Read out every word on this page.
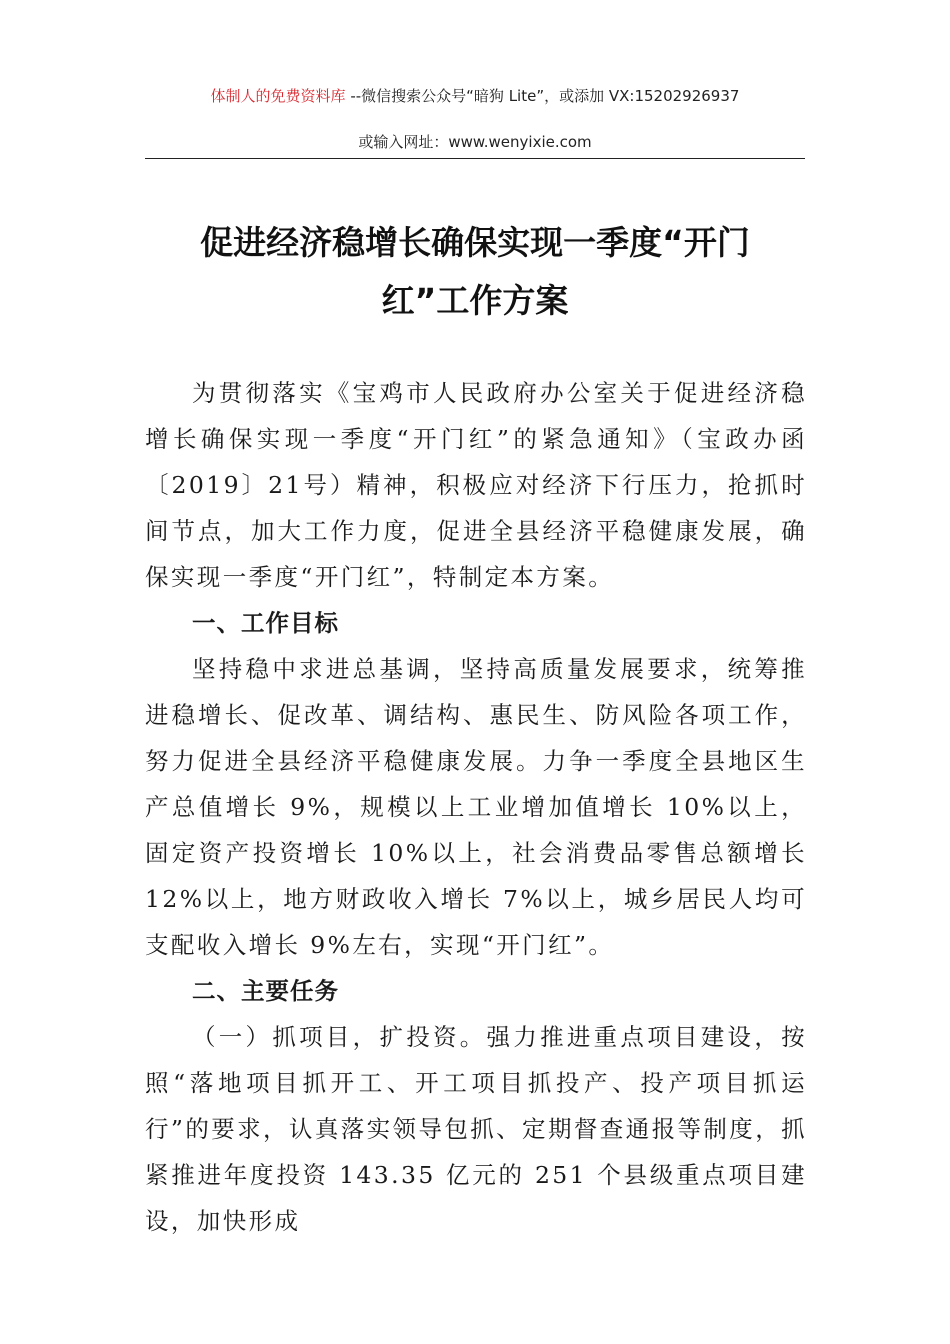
体制人的免费资料库 --微信搜索公众号“暗狗 Lite”，或添加 VX:15202926937
或输入网址：www.wenyixie.com
促进经济稳增长确保实现一季度“开门红”工作方案

为贯彻落实《宝鸡市人民政府办公室关于促进经济稳增长确保实现一季度“开门红”的紧急通知》（宝政办函〔2019〕21号）精神，积极应对经济下行压力，抢抓时间节点，加大工作力度，促进全县经济平稳健康发展，确保实现一季度“开门红”，特制定本方案。

一、工作目标

坚持稳中求进总基调，坚持高质量发展要求，统筹推进稳增长、促改革、调结构、惠民生、防风险各项工作，努力促进全县经济平稳健康发展。力争一季度全县地区生产总值增长 9%，规模以上工业增加值增长 10%以上，固定资产投资增长 10%以上，社会消费品零售总额增长 12%以上，地方财政收入增长 7%以上，城乡居民人均可支配收入增长 9%左右，实现“开门红”。

二、主要任务

（一）抓项目，扩投资。强力推进重点项目建设，按照“落地项目抓开工、开工项目抓投产、投产项目抓运行”的要求，认真落实领导包抓、定期督查通报等制度，抓紧推进年度投资 143.35 亿元的 251 个县级重点项目建设，加快形成
